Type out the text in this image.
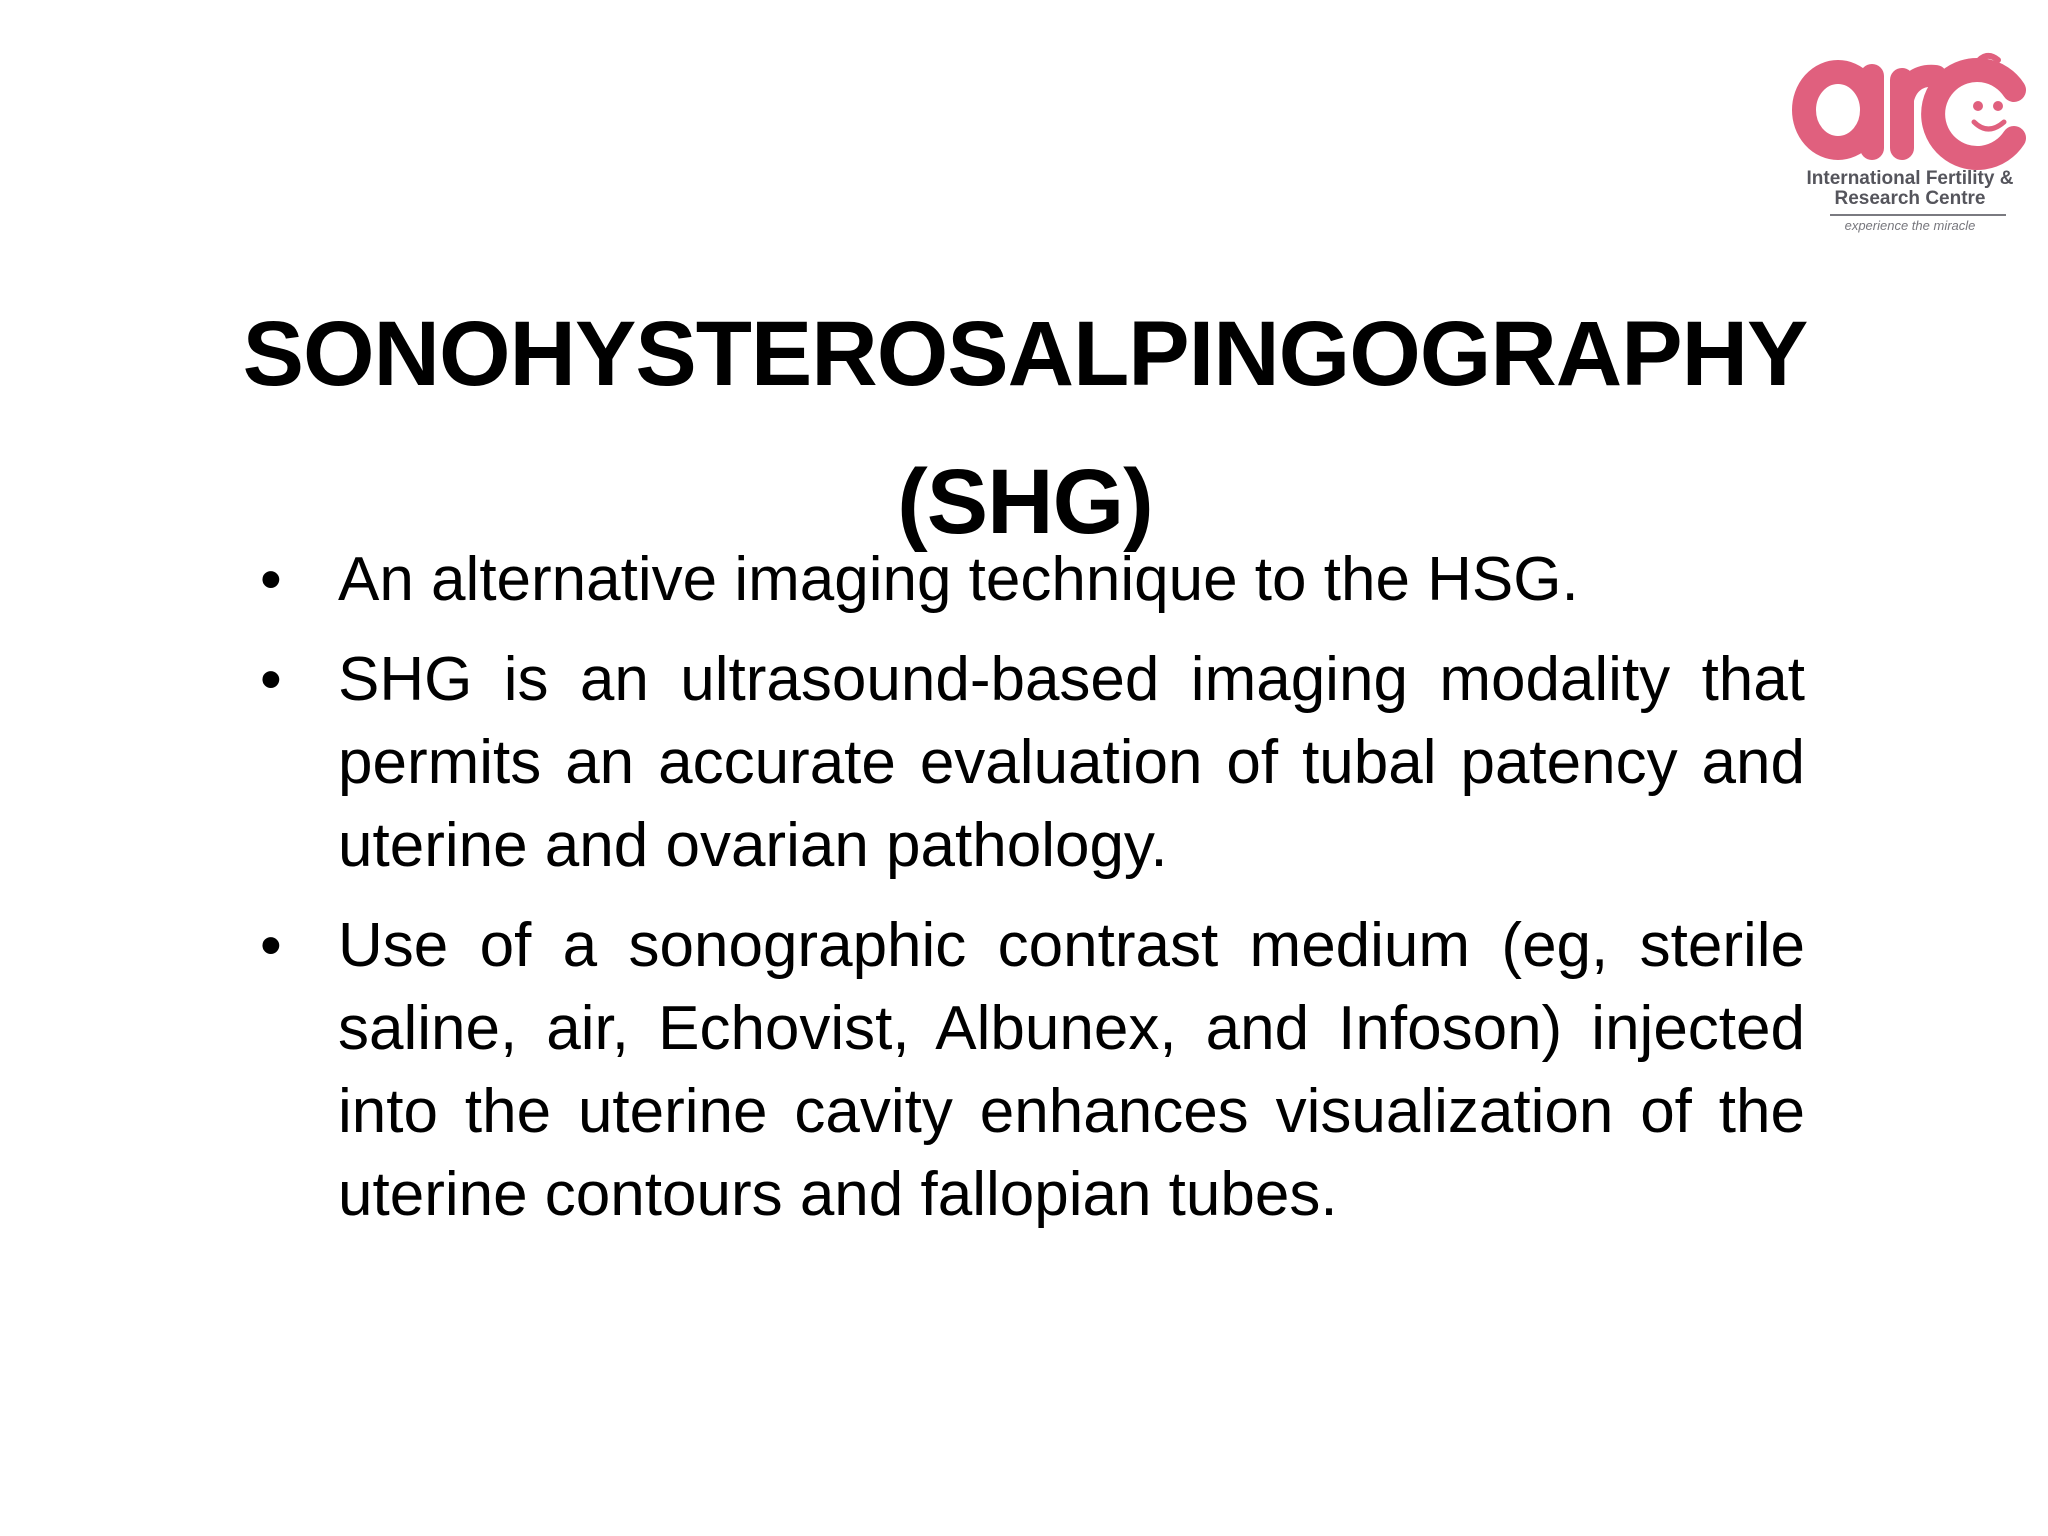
International Fertility &
Research Centre
experience the miracle
SONOHYSTEROSALPINGOGRAPHY
(SHG)
• An alternative imaging technique to the HSG.
• SHG is an ultrasound-based imaging modality that permits an accurate evaluation of tubal patency and uterine and ovarian pathology.
• Use of a sonographic contrast medium (eg, sterile saline, air, Echovist, Albunex, and Infoson) injected into the uterine cavity enhances visualization of the uterine contours and fallopian tubes.
